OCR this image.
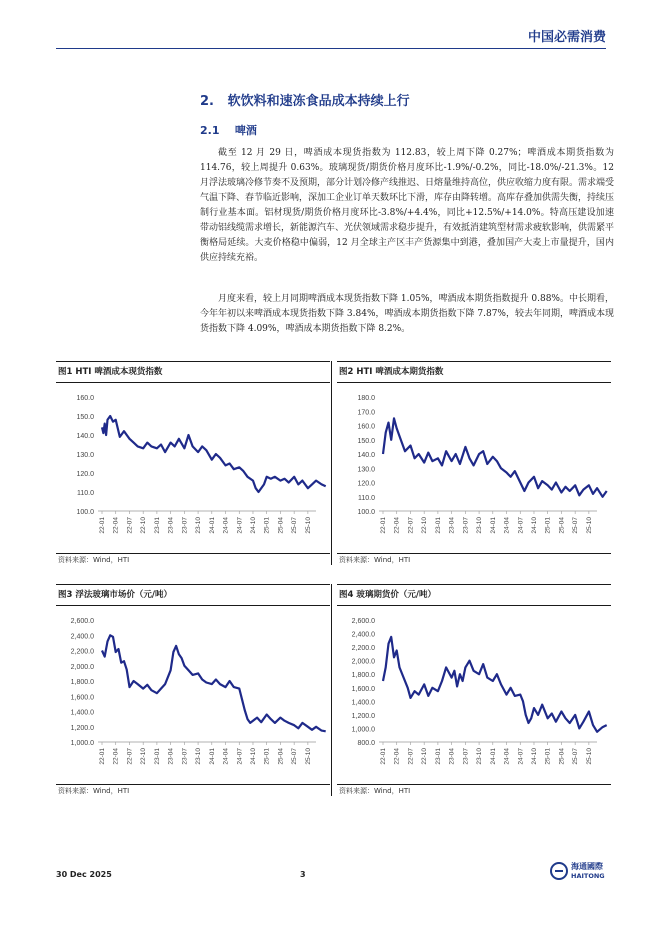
中国必需消费
2. 软饮料和速冻食品成本持续上行
2.1 啤酒

截至 12 月 29 日，啤酒成本现货指数为 112.83，较上周下降 0.27%；啤酒成本期货指数为 114.76，较上周提升 0.63%。玻璃现货/期货价格月度环比-1.9%/-0.2%，同比-18.0%/-21.3%。12 月浮法玻璃冷修节奏不及预期，部分计划冷修产线推迟、日熔量维持高位，供应收缩力度有限。需求端受气温下降、春节临近影响，深加工企业订单天数环比下滑，库存由降转增。高库存叠加供需失衡，持续压制行业基本面。铝材现货/期货价格月度环比-3.8%/+4.4%，同比+12.5%/+14.0%。特高压建设加速带动铝线缆需求增长，新能源汽车、光伏领域需求稳步提升，有效抵消建筑型材需求疲软影响，供需紧平衡格局延续。大麦价格稳中偏弱，12 月全球主产区丰产货源集中到港，叠加国产大麦上市量提升，国内供应持续充裕。

月度来看，较上月同期啤酒成本现货指数下降 1.05%，啤酒成本期货指数提升 0.88%。中长期看，今年年初以来啤酒成本现货指数下降 3.84%，啤酒成本期货指数下降 7.87%，较去年同期，啤酒成本现货指数下降 4.09%，啤酒成本期货指数下降 8.2%。

图1 HTI 啤酒成本现货指数
100.0
110.0
120.0
130.0
140.0
150.0
160.0
22-01 22-04 22-07 22-10 23-01 23-04 23-07 23-10 24-01 24-04 24-07 24-10 25-01 25-04 25-07 25-10
资料来源：Wind，HTI
图2 HTI 啤酒成本期货指数
100.0
110.0
120.0
130.0
140.0
150.0
160.0
170.0
180.0
22-01 22-04 22-07 22-10 23-01 23-04 23-07 23-10 24-01 24-04 24-07 24-10 25-01 25-04 25-07 25-10
资料来源：Wind，HTI
图3 浮法玻璃市场价（元/吨）
1,000.0
1,200.0
1,400.0
1,600.0
1,800.0
2,000.0
2,200.0
2,400.0
2,600.0
22-01 22-04 22-07 22-10 23-01 23-04 23-07 23-10 24-01 24-04 24-07 24-10 25-01 25-04 25-07 25-10
资料来源：Wind，HTI
图4 玻璃期货价（元/吨）
800.0
1,000.0
1,200.0
1,400.0
1,600.0
1,800.0
2,000.0
2,200.0
2,400.0
2,600.0
22-01 22-04 22-07 22-10 23-01 23-04 23-07 23-10 24-01 24-04 24-07 24-10 25-01 25-04 25-07 25-10
资料来源：Wind，HTI
30 Dec 2025	3
海通國際
HAITONG
